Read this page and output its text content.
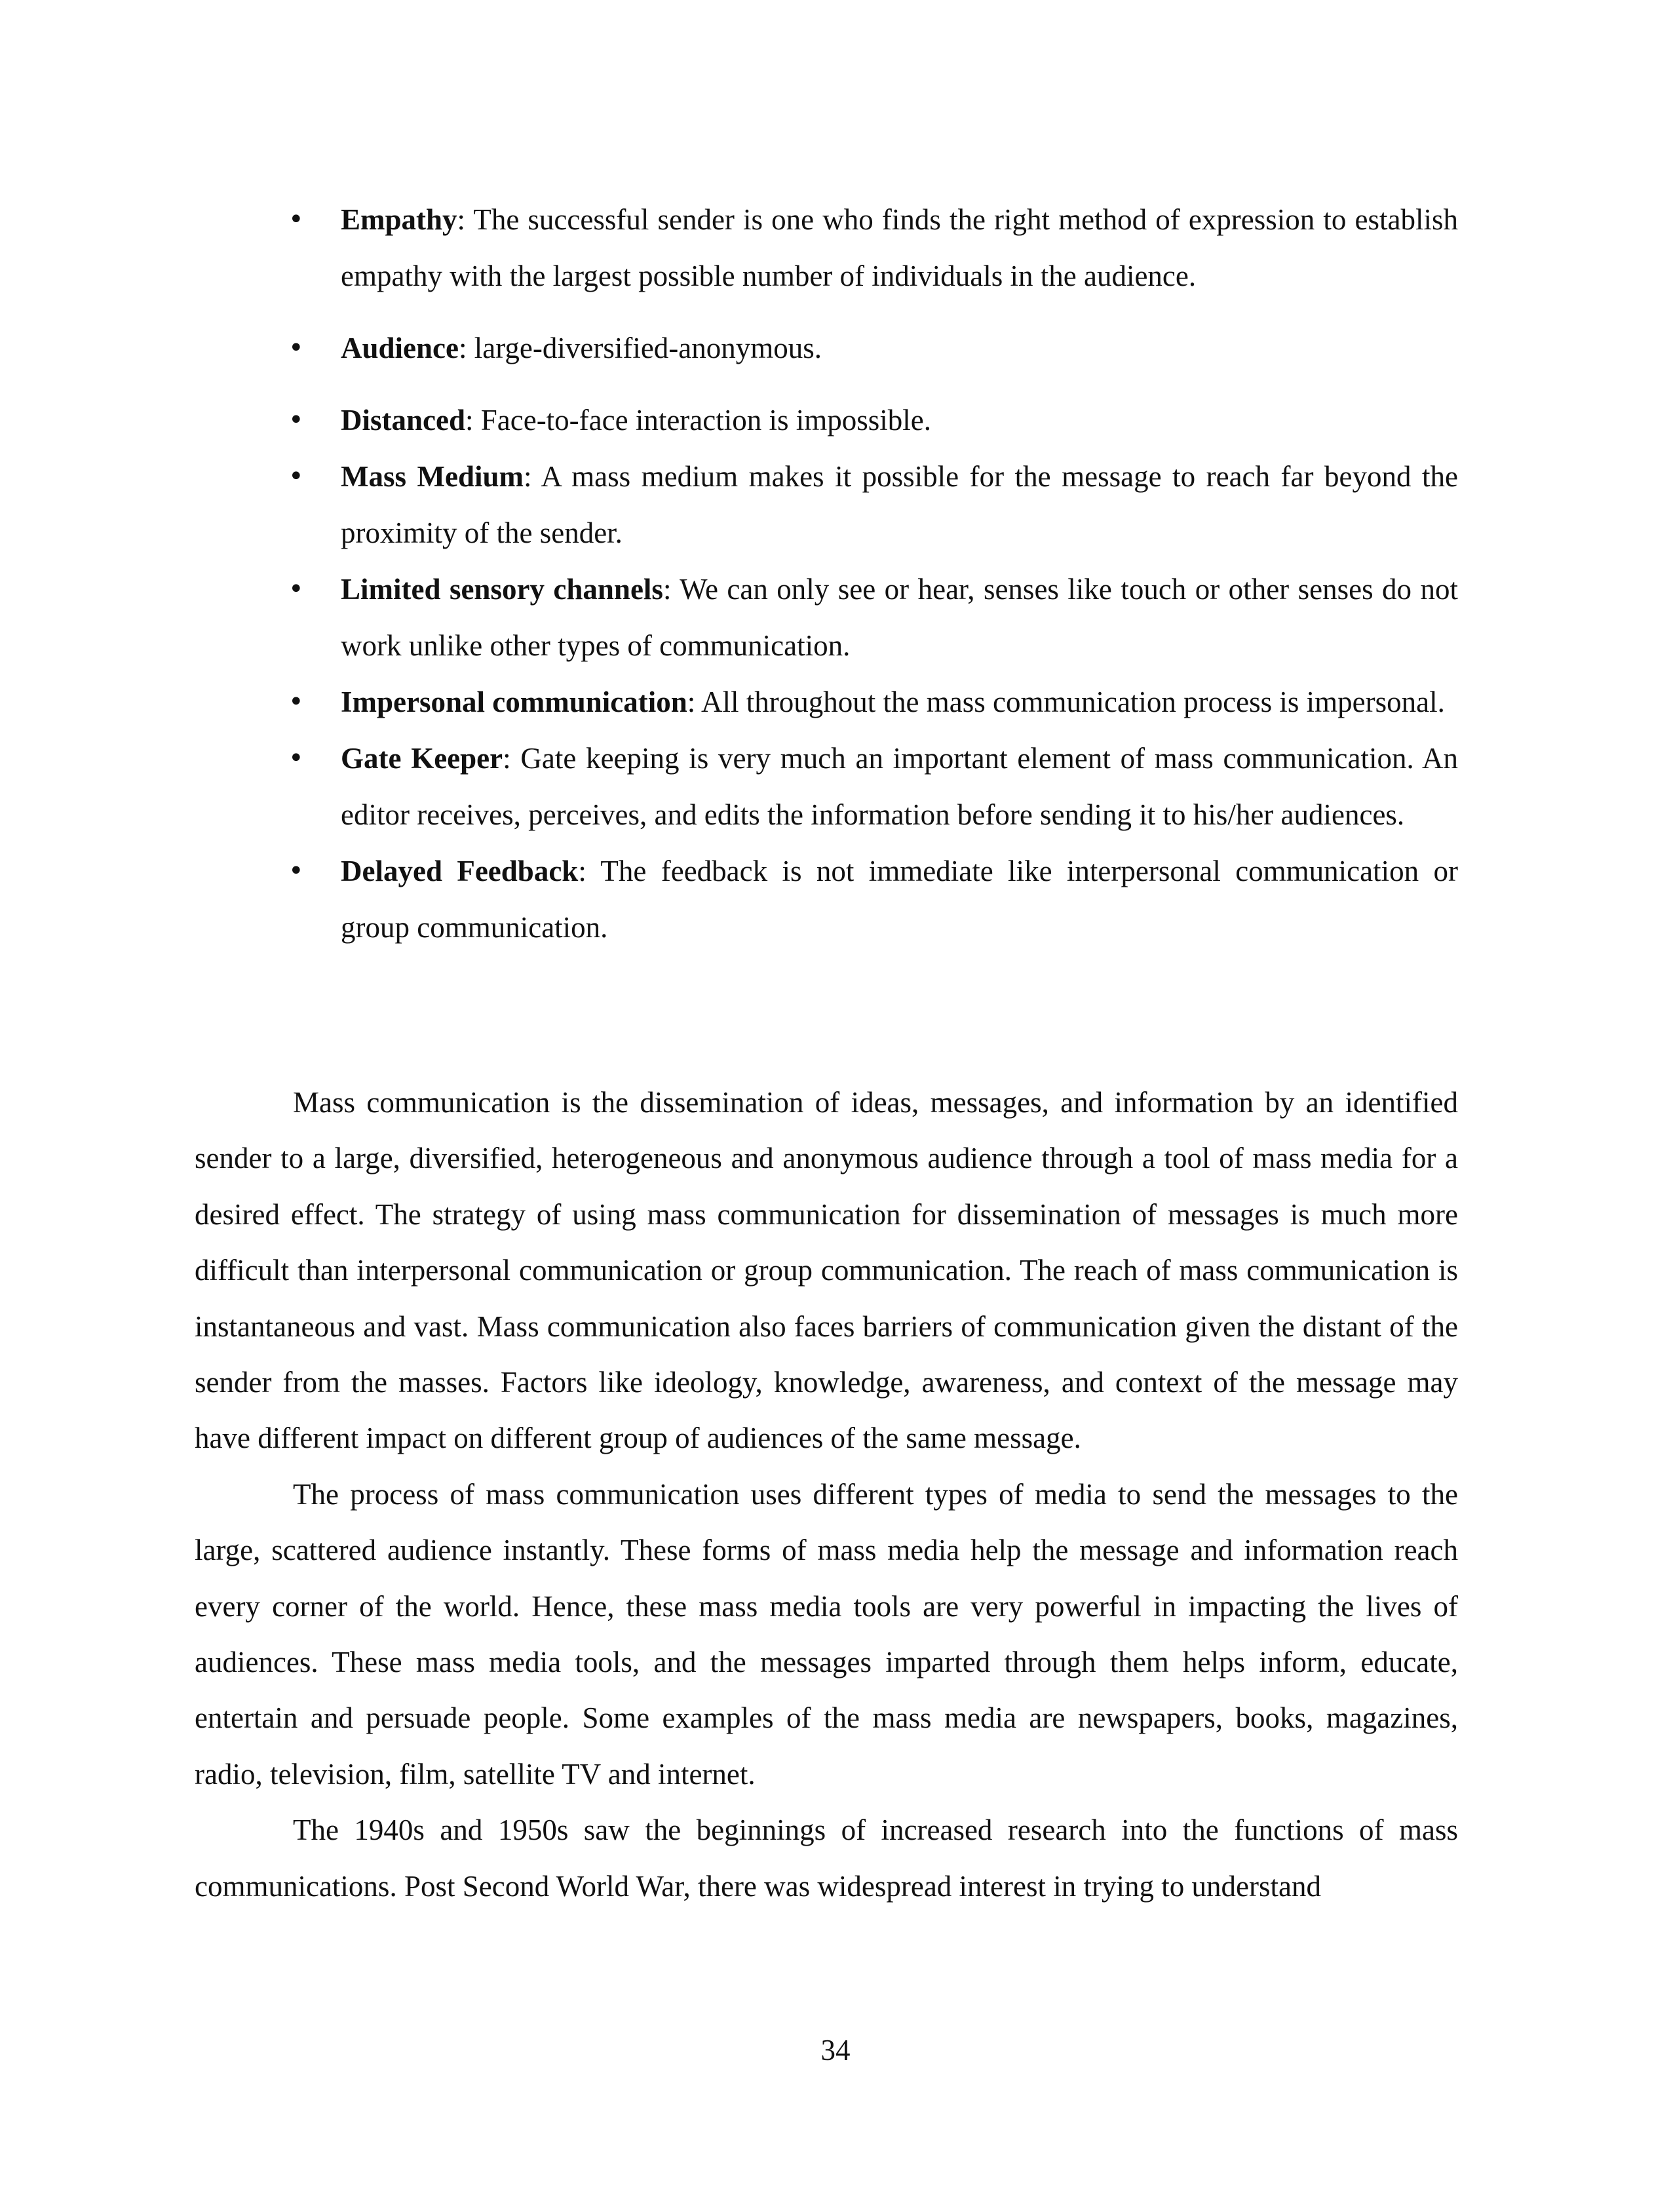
•	Empathy: The successful sender is one who finds the right method of expression to establish empathy with the largest possible number of individuals in the audience.
•	Audience: large-diversified-anonymous.
•	Distanced: Face-to-face interaction is impossible.
•	Mass Medium: A mass medium makes it possible for the message to reach far beyond the proximity of the sender.
•	Limited sensory channels: We can only see or hear, senses like touch or other senses do not work unlike other types of communication.
•	Impersonal communication: All throughout the mass communication process is impersonal.
•	Gate Keeper: Gate keeping is very much an important element of mass communication. An editor receives, perceives, and edits the information before sending it to his/her audiences.
•	Delayed Feedback: The feedback is not immediate like interpersonal communication or group communication.

Mass communication is the dissemination of ideas, messages, and information by an identified sender to a large, diversified, heterogeneous and anonymous audience through a tool of mass media for a desired effect. The strategy of using mass communication for dissemination of messages is much more difficult than interpersonal communication or group communication. The reach of mass communication is instantaneous and vast. Mass communication also faces barriers of communication given the distant of the sender from the masses. Factors like ideology, knowledge, awareness, and context of the message may have different impact on different group of audiences of the same message.

The process of mass communication uses different types of media to send the messages to the large, scattered audience instantly. These forms of mass media help the message and information reach every corner of the world. Hence, these mass media tools are very powerful in impacting the lives of audiences. These mass media tools, and the messages imparted through them helps inform, educate, entertain and persuade people. Some examples of the mass media are newspapers, books, magazines, radio, television, film, satellite TV and internet.

The 1940s and 1950s saw the beginnings of increased research into the functions of mass communications. Post Second World War, there was widespread interest in trying to understand

34
